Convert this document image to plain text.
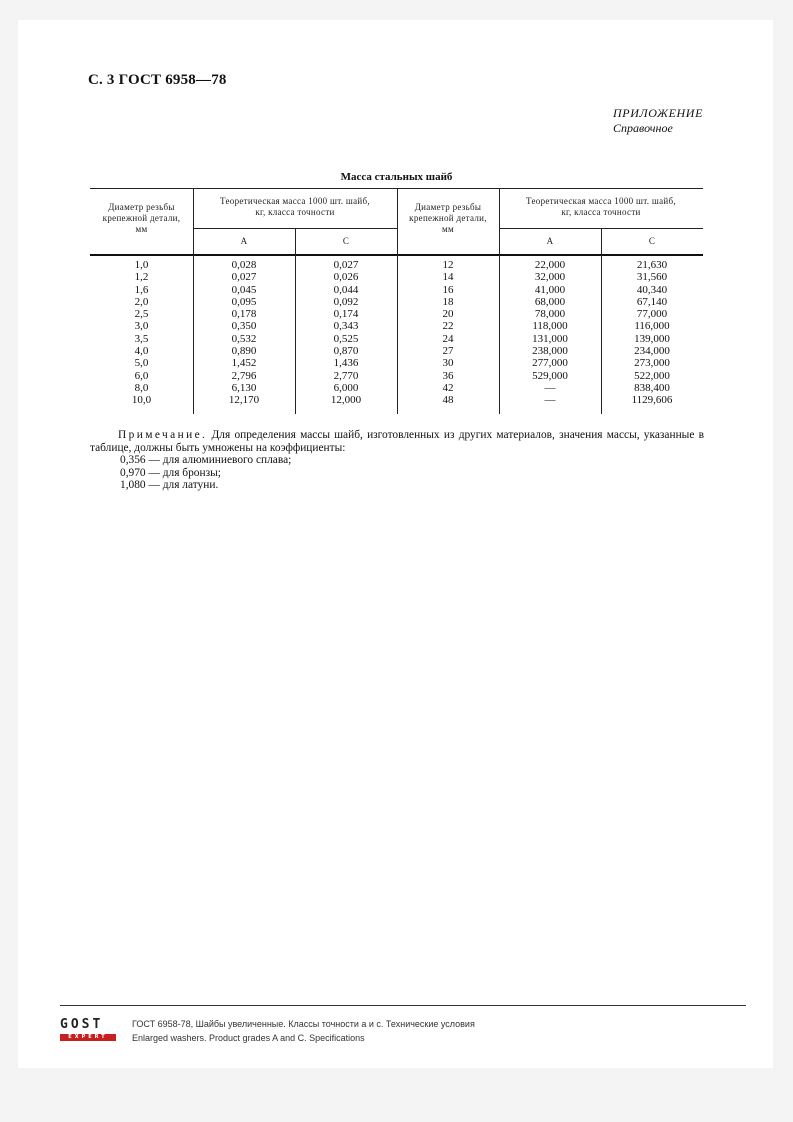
С. 3 ГОСТ 6958—78
ПРИЛОЖЕНИЕ
Справочное
Масса стальных шайб
Диаметр резьбы
крепежной детали,
мм
Теоретическая масса 1000 шт. шайб,
кг, класса точности
А	С
Диаметр резьбы
крепежной детали,
мм
Теоретическая масса 1000 шт. шайб,
кг, класса точности
А	С
1,0
1,2
1,6
2,0
2,5
3,0
3,5
4,0
5,0
6,0
8,0
10,0
0,028
0,027
0,045
0,095
0,178
0,350
0,532
0,890
1,452
2,796
6,130
12,170
0,027
0,026
0,044
0,092
0,174
0,343
0,525
0,870
1,436
2,770
6,000
12,000
12
14
16
18
20
22
24
27
30
36
42
48
22,000
32,000
41,000
68,000
78,000
118,000
131,000
238,000
277,000
529,000
—
—
21,630
31,560
40,340
67,140
77,000
116,000
139,000
234,000
273,000
522,000
838,400
1129,606

Примечание. Для определения массы шайб, изготовленных из других материалов, значения массы, указанные в таблице, должны быть умножены на коэффициенты:

0,356 — для алюминиевого сплава;
0,970 — для бронзы;
1,080 — для латуни.
GOST
EXPERT
ГОСТ 6958-78, Шайбы увеличенные. Классы точности а и с. Технические условия
Enlarged washers. Product grades A and C. Specifications
